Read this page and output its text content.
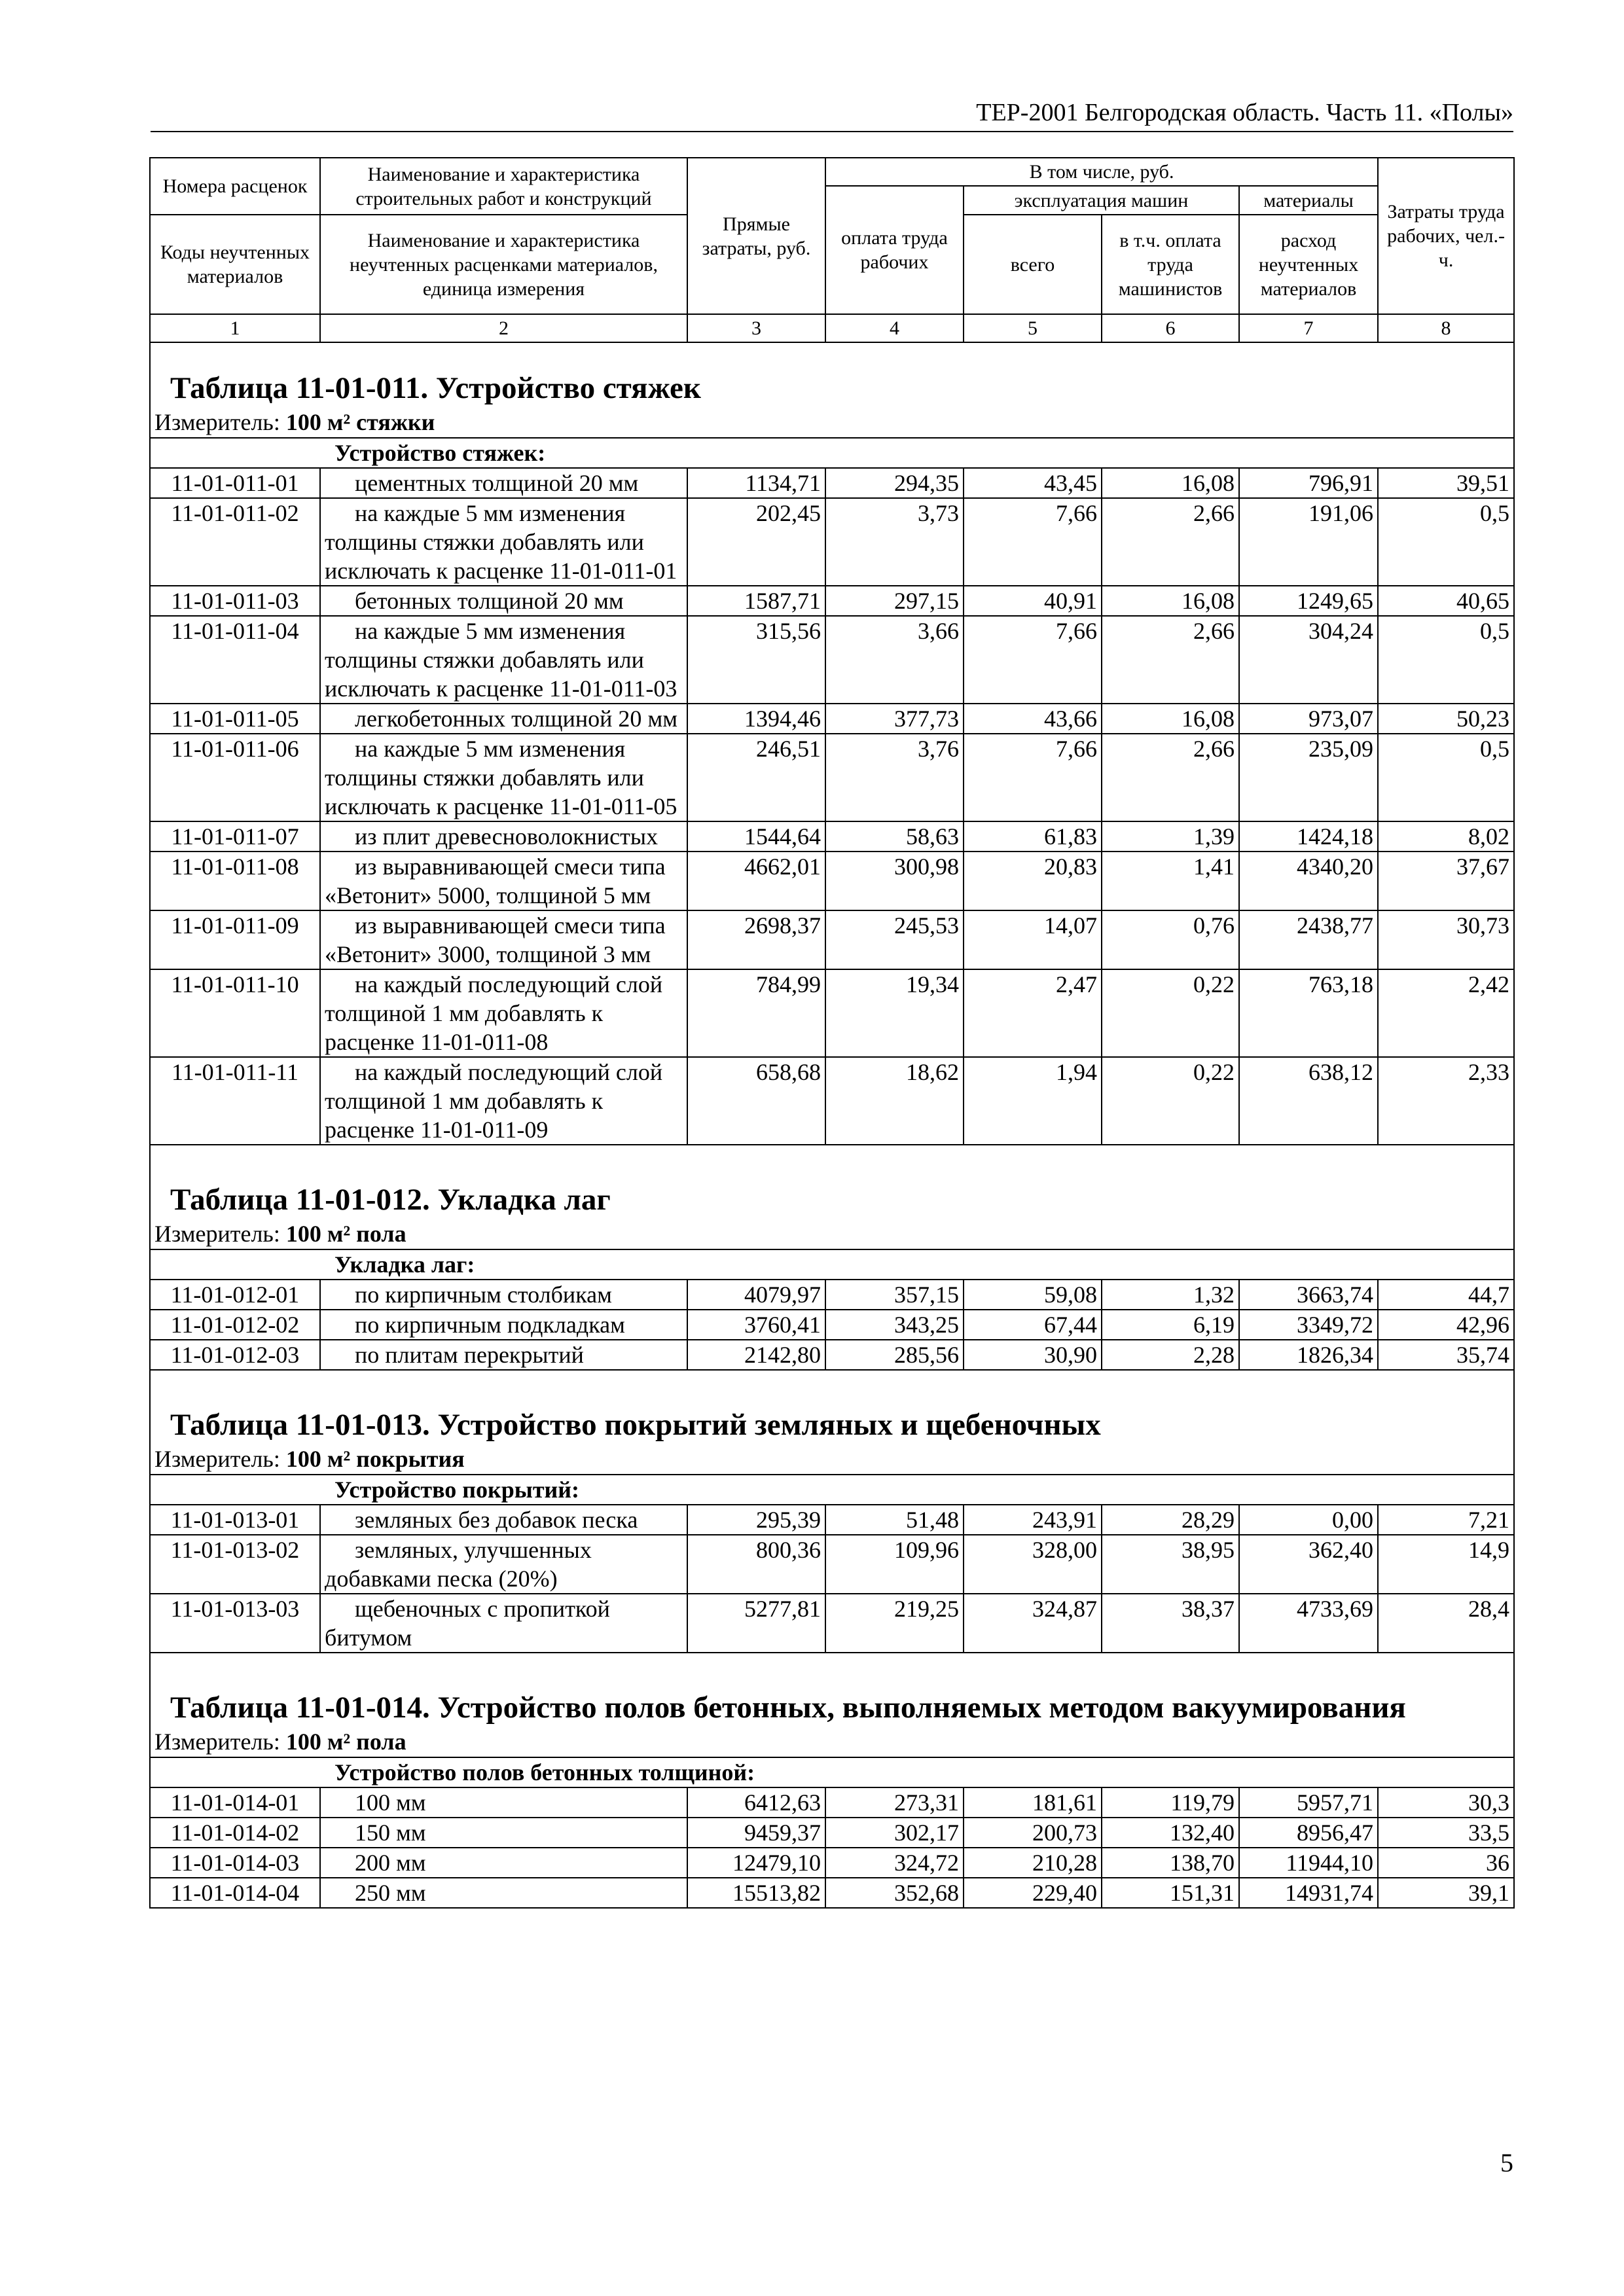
ТЕР-2001 Белгородская область. Часть 11. «Полы»
Номера расценок	Наименование и характеристика строительных работ и конструкций	Прямые затраты, руб.	В том числе, руб.				Затраты труда рабочих, чел.-ч.
			оплата труда рабочих	эксплуатация машин		материалы	
Коды неучтенных материалов	Наименование и характеристика неучтенных расценками материалов, единица измерения			всего	в т.ч. оплата труда машинистов	расход неучтенных материалов	
1	2	3	4	5	6	7	8

Таблица 11-01-011. Устройство стяжек							

Измеритель: 100 м² стяжки							
	Устройство стяжек:						
11-01-011-01	цементных толщиной 20 мм	1134,71	294,35	43,45	16,08	796,91	39,51
11-01-011-02	на каждые 5 мм изменения толщины стяжки добавлять или исключать к расценке 11-01-011-01	202,45	3,73	7,66	2,66	191,06	0,5
11-01-011-03	бетонных толщиной 20 мм	1587,71	297,15	40,91	16,08	1249,65	40,65
11-01-011-04	на каждые 5 мм изменения толщины стяжки добавлять или исключать к расценке 11-01-011-03	315,56	3,66	7,66	2,66	304,24	0,5
11-01-011-05	легкобетонных толщиной 20 мм	1394,46	377,73	43,66	16,08	973,07	50,23
11-01-011-06	на каждые 5 мм изменения толщины стяжки добавлять или исключать к расценке 11-01-011-05	246,51	3,76	7,66	2,66	235,09	0,5
11-01-011-07	из плит древесноволокнистых	1544,64	58,63	61,83	1,39	1424,18	8,02
11-01-011-08	из выравнивающей смеси типа «Ветонит» 5000, толщиной 5 мм	4662,01	300,98	20,83	1,41	4340,20	37,67
11-01-011-09	из выравнивающей смеси типа «Ветонит» 3000, толщиной 3 мм	2698,37	245,53	14,07	0,76	2438,77	30,73
11-01-011-10	на каждый последующий слой толщиной 1 мм добавлять к расценке 11-01-011-08	784,99	19,34	2,47	0,22	763,18	2,42
11-01-011-11	на каждый последующий слой толщиной 1 мм добавлять к расценке 11-01-011-09	658,68	18,62	1,94	0,22	638,12	2,33

Таблица 11-01-012. Укладка лаг							

Измеритель: 100 м² пола							
	Укладка лаг:						
11-01-012-01	по кирпичным столбикам	4079,97	357,15	59,08	1,32	3663,74	44,7
11-01-012-02	по кирпичным подкладкам	3760,41	343,25	67,44	6,19	3349,72	42,96
11-01-012-03	по плитам перекрытий	2142,80	285,56	30,90	2,28	1826,34	35,74

Таблица 11-01-013. Устройство покрытий земляных и щебеночных							

Измеритель: 100 м² покрытия							
	Устройство покрытий:						
11-01-013-01	земляных без добавок песка	295,39	51,48	243,91	28,29	0,00	7,21
11-01-013-02	земляных, улучшенных добавками песка (20%)	800,36	109,96	328,00	38,95	362,40	14,9
11-01-013-03	щебеночных с пропиткой битумом	5277,81	219,25	324,87	38,37	4733,69	28,4

Таблица 11-01-014. Устройство полов бетонных, выполняемых методом вакуумирования							

Измеритель: 100 м² пола							
	Устройство полов бетонных толщиной:						
11-01-014-01	100 мм	6412,63	273,31	181,61	119,79	5957,71	30,3
11-01-014-02	150 мм	9459,37	302,17	200,73	132,40	8956,47	33,5
11-01-014-03	200 мм	12479,10	324,72	210,28	138,70	11944,10	36
11-01-014-04	250 мм	15513,82	352,68	229,40	151,31	14931,74	39,1
5
